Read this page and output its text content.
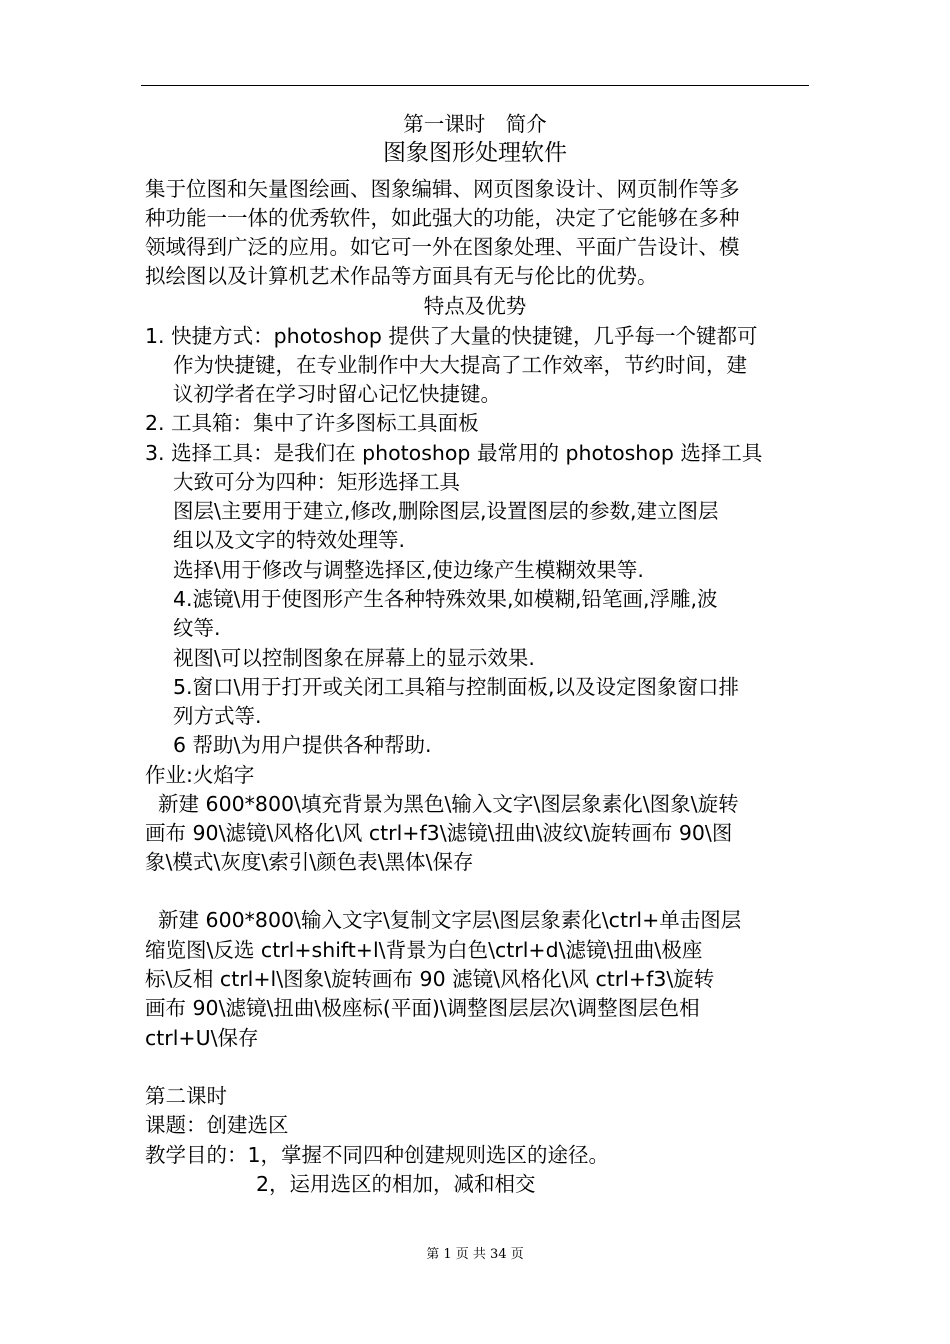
第一课时　简介
图象图形处理软件
集于位图和矢量图绘画、图象编辑、网页图象设计、网页制作等多
种功能一一体的优秀软件，如此强大的功能，决定了它能够在多种
领域得到广泛的应用。如它可一外在图象处理、平面广告设计、模
拟绘图以及计算机艺术作品等方面具有无与伦比的优势。
特点及优势
1. 快捷方式：photoshop 提供了大量的快捷键，几乎每一个键都可
作为快捷键，在专业制作中大大提高了工作效率，节约时间，建
议初学者在学习时留心记忆快捷键。
2. 工具箱：集中了许多图标工具面板
3. 选择工具：是我们在 photoshop 最常用的 photoshop 选择工具
大致可分为四种：矩形选择工具
图层\主要用于建立,修改,删除图层,设置图层的参数,建立图层
组以及文字的特效处理等.
选择\用于修改与调整选择区,使边缘产生模糊效果等.
4.滤镜\用于使图形产生各种特殊效果,如模糊,铅笔画,浮雕,波
纹等.
视图\可以控制图象在屏幕上的显示效果.
5.窗口\用于打开或关闭工具箱与控制面板,以及设定图象窗口排
列方式等.
6 帮助\为用户提供各种帮助.
作业:火焰字
新建 600*800\填充背景为黑色\输入文字\图层象素化\图象\旋转
画布 90\滤镜\风格化\风 ctrl+f3\滤镜\扭曲\波纹\旋转画布 90\图
象\模式\灰度\索引\颜色表\黑体\保存
新建 600*800\输入文字\复制文字层\图层象素化\ctrl+单击图层
缩览图\反选 ctrl+shift+l\背景为白色\ctrl+d\滤镜\扭曲\极座
标\反相 ctrl+l\图象\旋转画布 90 滤镜\风格化\风 ctrl+f3\旋转
画布 90\滤镜\扭曲\极座标(平面)\调整图层层次\调整图层色相
ctrl+U\保存
第二课时
课题：创建选区
教学目的：1，掌握不同四种创建规则选区的途径。
2，运用选区的相加，减和相交
第 1 页 共 34 页
